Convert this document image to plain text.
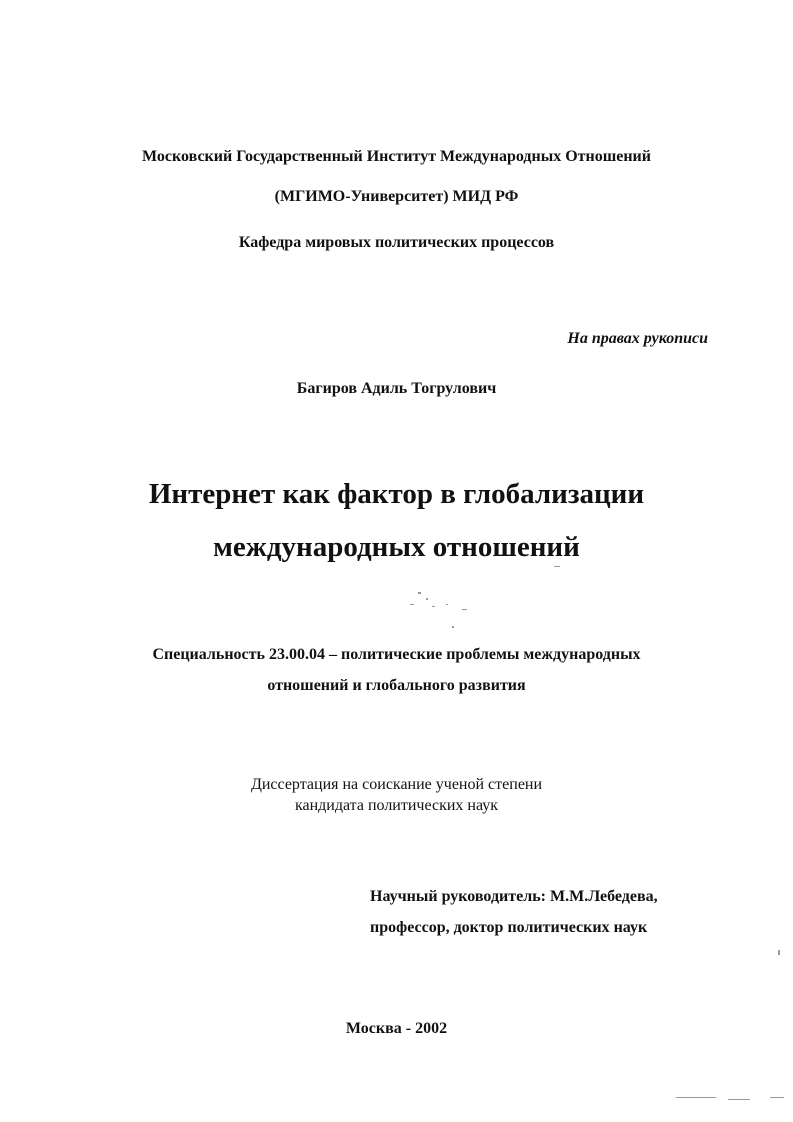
Московский Государственный Институт Международных Отношений
(МГИМО-Университет) МИД РФ
Кафедра мировых политических процессов
На правах рукописи
Багиров Адиль Тогрулович
Интернет как фактор в глобализации
международных отношений
Специальность 23.00.04 – политические проблемы международных
отношений и глобального развития
Диссертация на соискание ученой степени
кандидата политических наук
Научный руководитель: М.М.Лебедева,
профессор, доктор политических наук
Москва - 2002
